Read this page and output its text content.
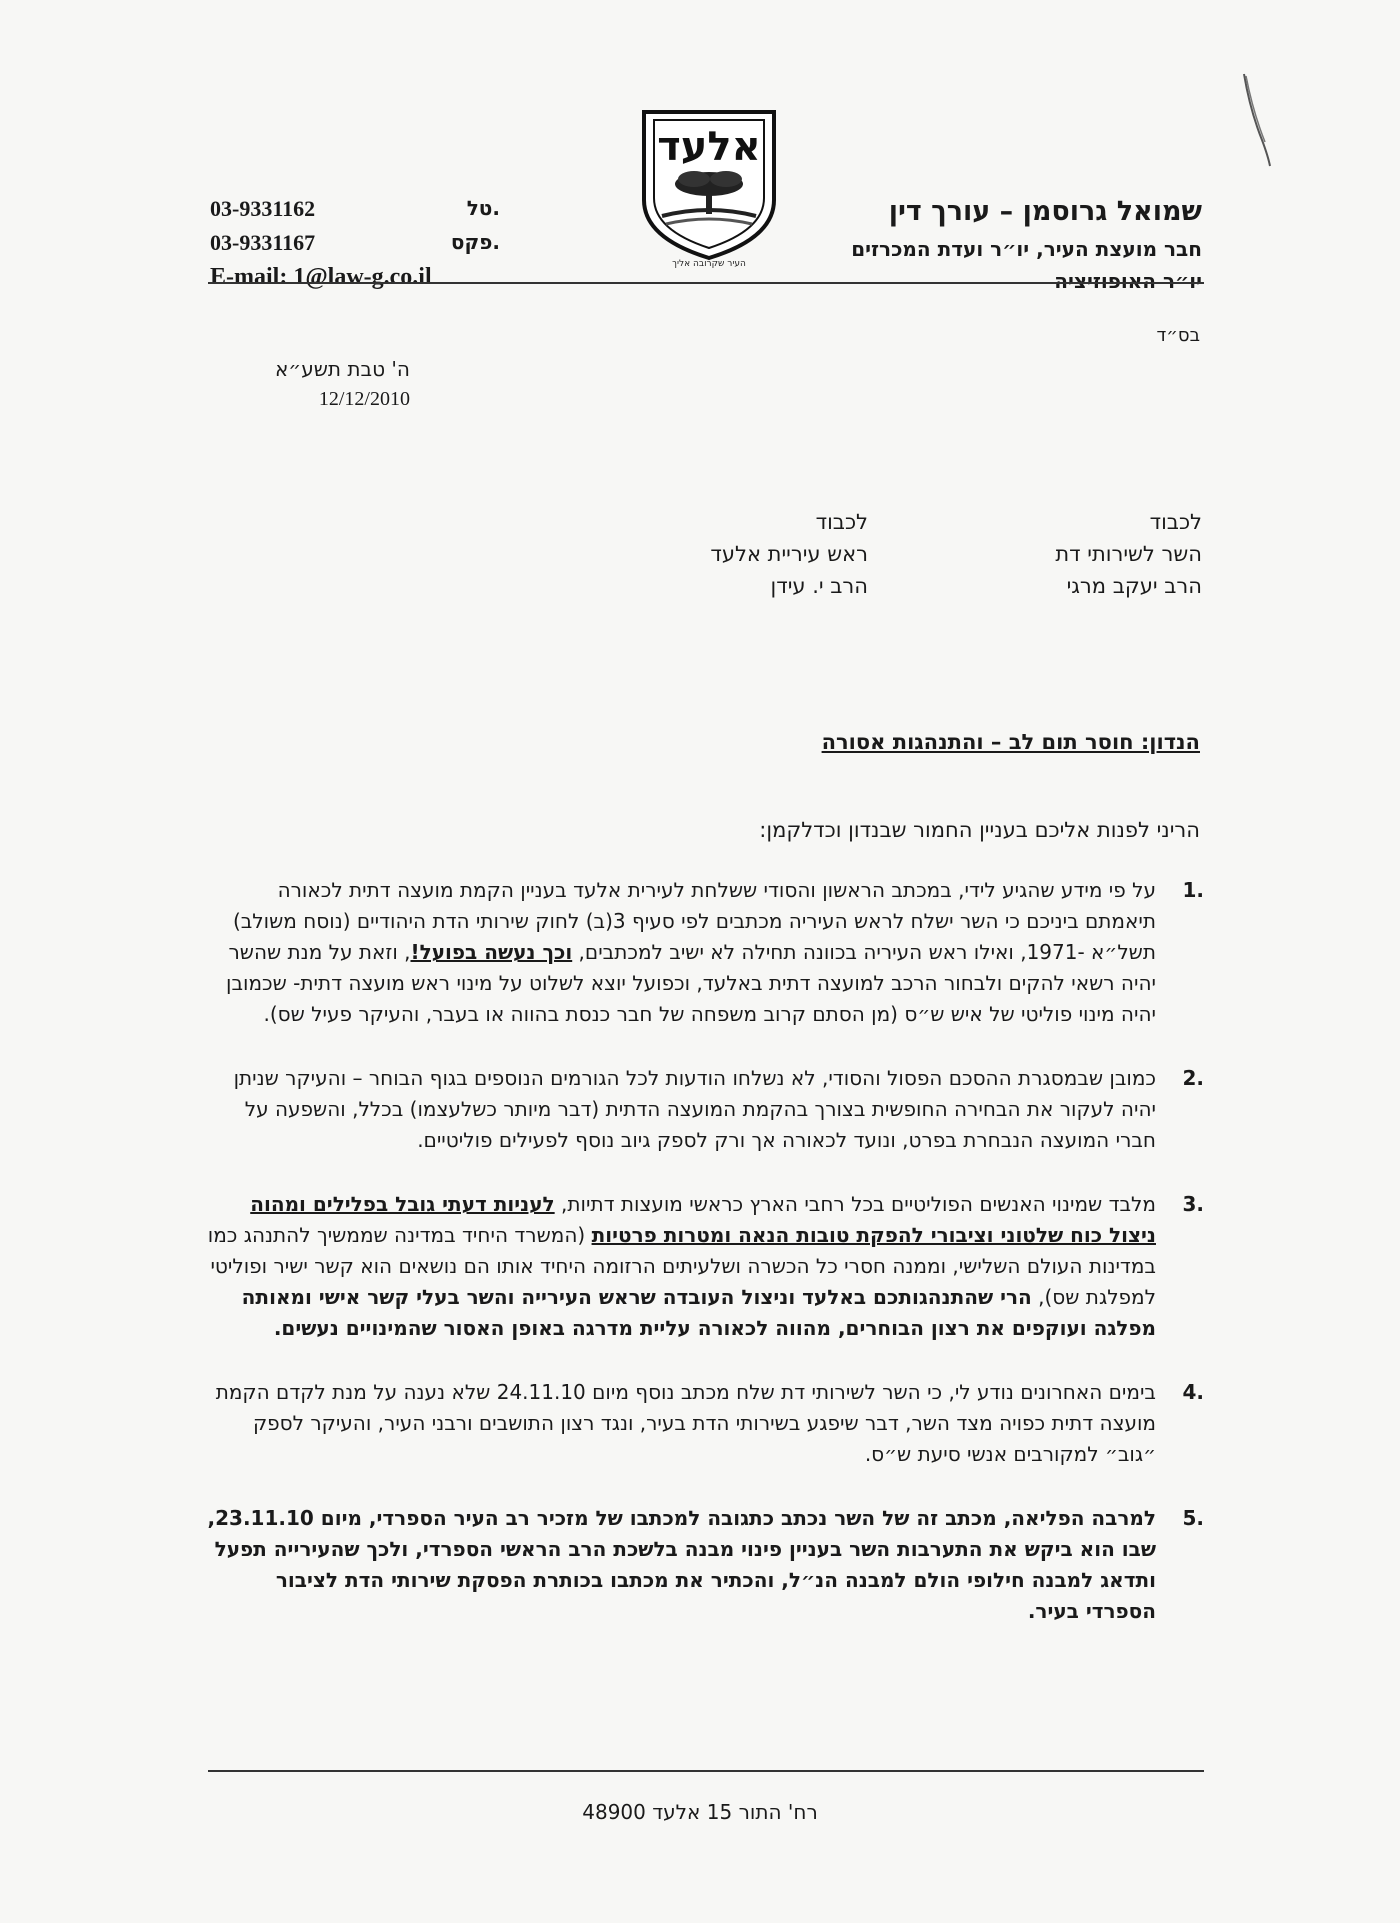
שמואל גרוסמן – עורך דין
חבר מועצת העיר, יו״ר ועדת המכרזים
יו״ר האופוזיציה
03-9331162	טל.
03-9331167	פקס.
E-mail: 1@law-g.co.il
אלעד
העיר שקרובה אליך
בס״ד
ה' טבת תשע״א
12/12/2010
לכבוד
השר לשירותי דת
הרב יעקב מרגי
לכבוד
ראש עיריית אלעד
הרב י. עידן
הנדון: חוסר תום לב – והתנהגות אסורה
הריני לפנות אליכם בעניין החמור שבנדון וכדלקמן:
1.
על פי מידע שהגיע לידי, במכתב הראשון והסודי ששלחת לעירית אלעד בעניין הקמת מועצה דתית לכאורה תיאמתם ביניכם כי השר ישלח לראש העיריה מכתבים לפי סעיף 3(ב) לחוק שירותי הדת היהודיים (נוסח משולב) תשל״א -1971, ואילו ראש העיריה בכוונה תחילה לא ישיב למכתבים, וכך נעשה בפועל!, וזאת על מנת שהשר יהיה רשאי להקים ולבחור הרכב למועצה דתית באלעד, וכפועל יוצא לשלוט על מינוי ראש מועצה דתית- שכמובן יהיה מינוי פוליטי של איש ש״ס (מן הסתם קרוב משפחה של חבר כנסת בהווה או בעבר, והעיקר פעיל שס).
2.
כמובן שבמסגרת ההסכם הפסול והסודי, לא נשלחו הודעות לכל הגורמים הנוספים בגוף הבוחר – והעיקר שניתן יהיה לעקור את הבחירה החופשית בצורך בהקמת המועצה הדתית (דבר מיותר כשלעצמו) בכלל, והשפעה על חברי המועצה הנבחרת בפרט, ונועד לכאורה אך ורק לספק גיוב נוסף לפעילים פוליטיים.
3.
מלבד שמינוי האנשים הפוליטיים בכל רחבי הארץ כראשי מועצות דתיות, לעניות דעתי גובל בפלילים ומהוה ניצול כוח שלטוני וציבורי להפקת טובות הנאה ומטרות פרטיות (המשרד היחיד במדינה שממשיך להתנהג כמו במדינות העולם השלישי, וממנה חסרי כל הכשרה ושלעיתים הרזומה היחיד אותו הם נושאים הוא קשר ישיר ופוליטי למפלגת שס), הרי שהתנהגותכם באלעד וניצול העובדה שראש העירייה והשר בעלי קשר אישי ומאותה מפלגה ועוקפים את רצון הבוחרים, מהווה לכאורה עליית מדרגה באופן האסור שהמינויים נעשים.
4.
בימים האחרונים נודע לי, כי השר לשירותי דת שלח מכתב נוסף מיום 24.11.10 שלא נענה על מנת לקדם הקמת מועצה דתית כפויה מצד השר, דבר שיפגע בשירותי הדת בעיר, ונגד רצון התושבים ורבני העיר, והעיקר לספק ״גוב״ למקורבים אנשי סיעת ש״ס.
5.
למרבה הפליאה, מכתב זה של השר נכתב כתגובה למכתבו של מזכיר רב העיר הספרדי, מיום 23.11.10, שבו הוא ביקש את התערבות השר בעניין פינוי מבנה בלשכת הרב הראשי הספרדי, ולכך שהעירייה תפעל ותדאג למבנה חילופי הולם למבנה הנ״ל, והכתיר את מכתבו בכותרת הפסקת שירותי הדת לציבור הספרדי בעיר.
רח' התור 15 אלעד 48900
